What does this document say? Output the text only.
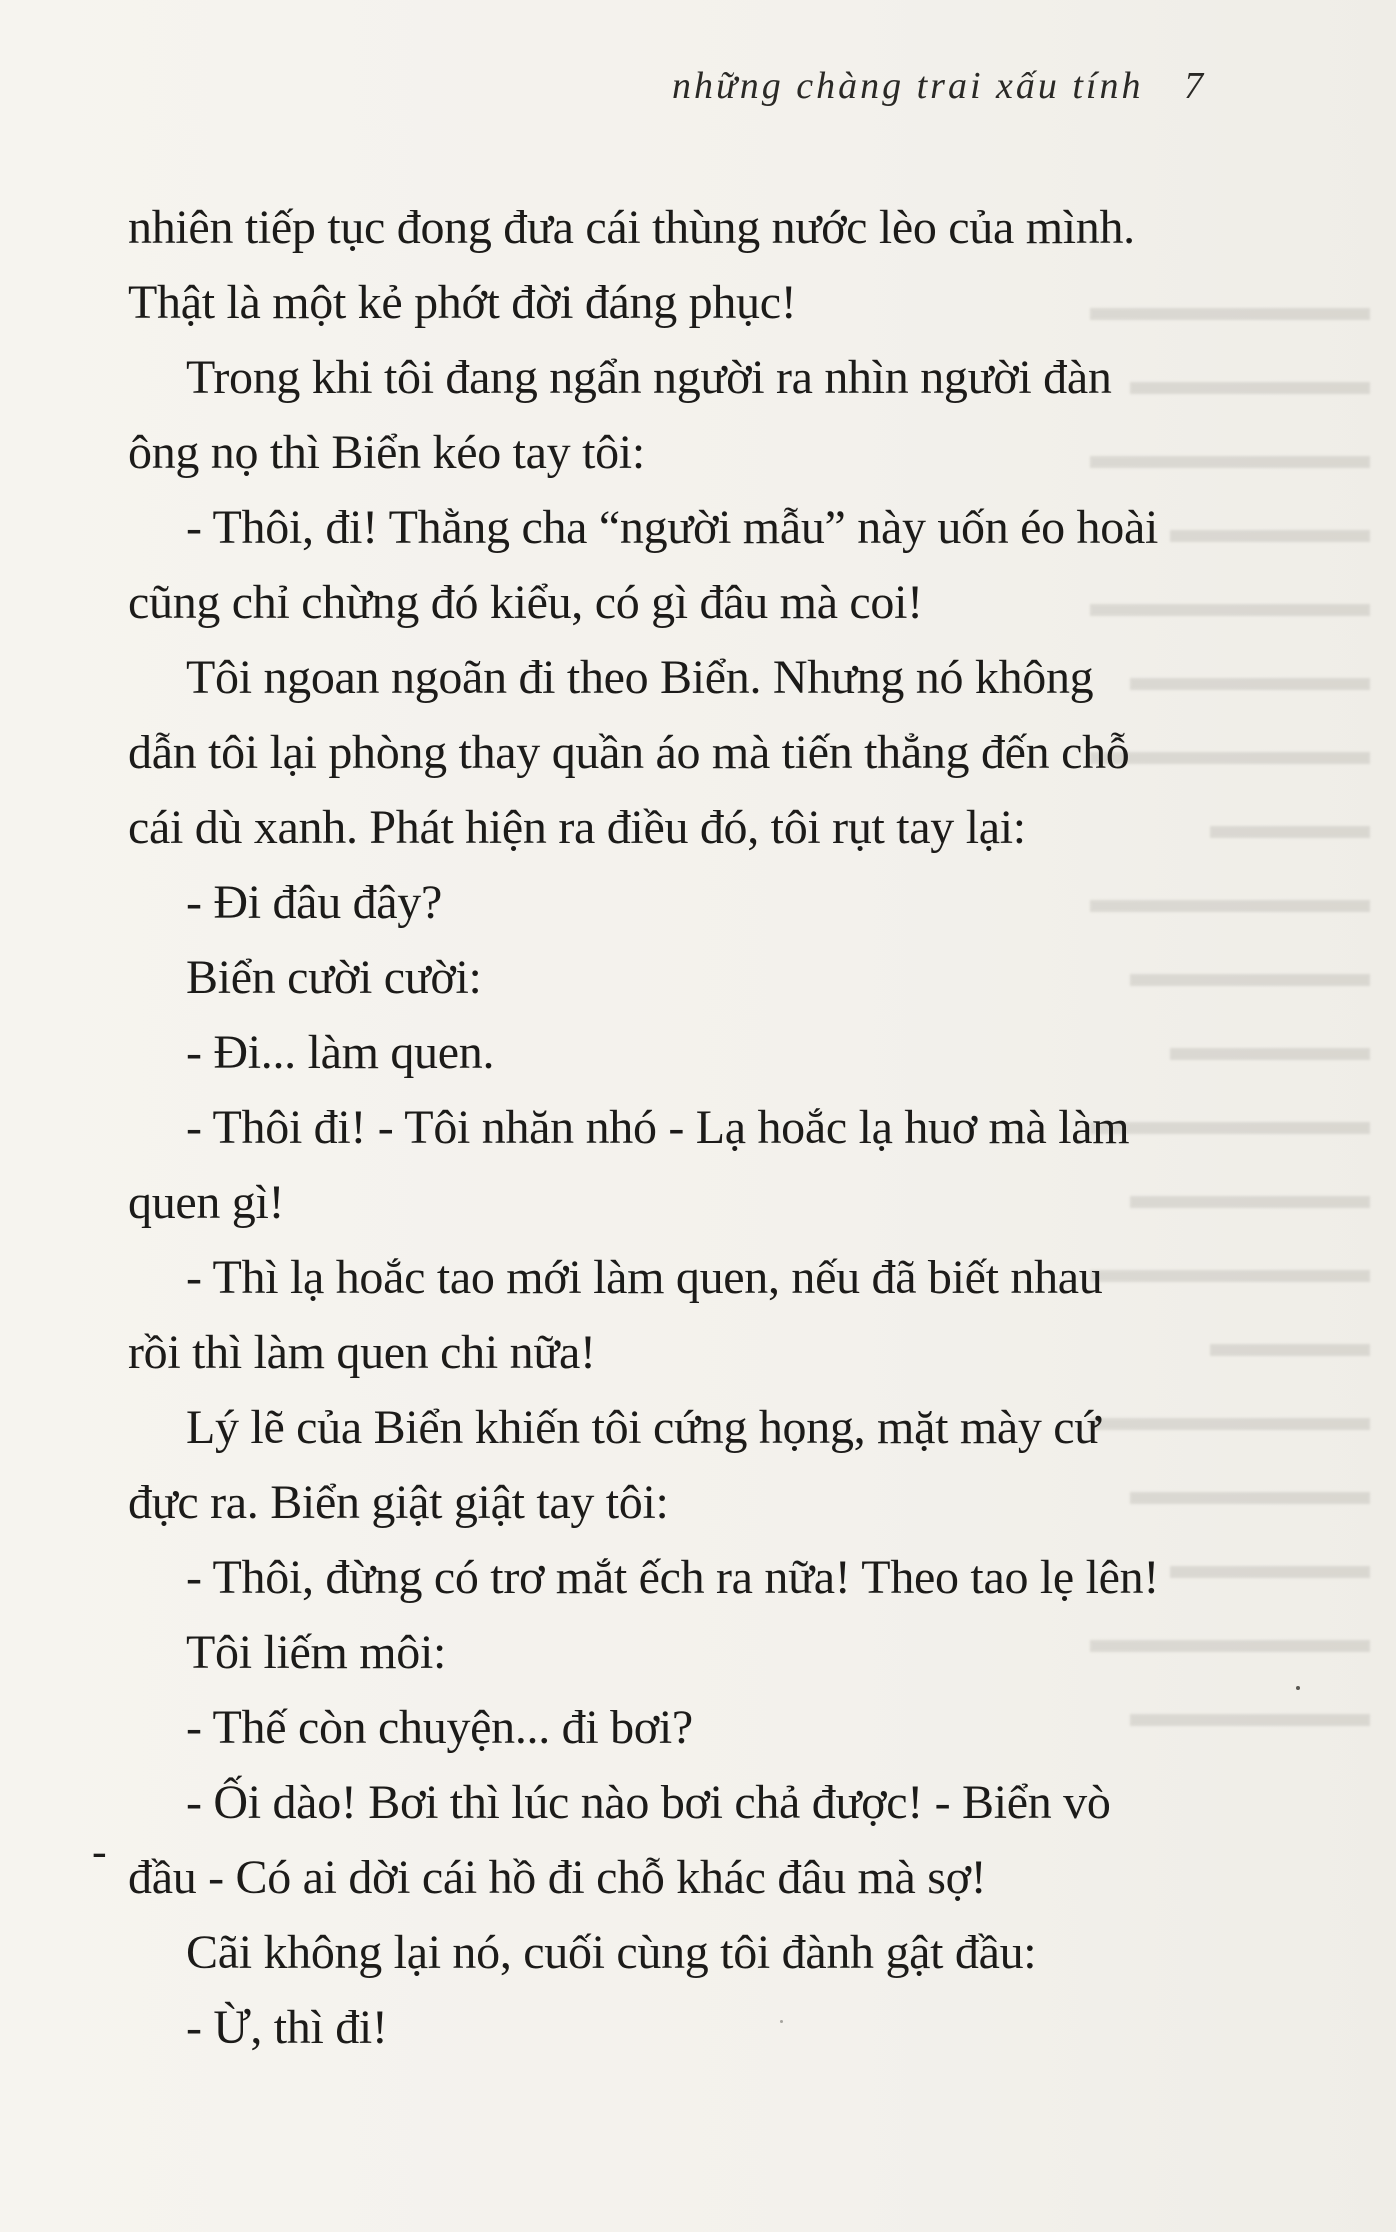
▬▬▬▬▬▬▬
▬▬▬▬▬▬
▬▬▬▬▬▬▬
▬▬▬▬▬
▬▬▬▬▬▬▬
▬▬▬▬▬▬
▬▬▬▬▬▬▬
▬▬▬▬
▬▬▬▬▬▬▬
▬▬▬▬▬▬
▬▬▬▬▬
▬▬▬▬▬▬▬
▬▬▬▬▬▬
▬▬▬▬▬▬▬
▬▬▬▬
▬▬▬▬▬▬▬
▬▬▬▬▬▬
▬▬▬▬▬
▬▬▬▬▬▬▬
▬▬▬▬▬▬
những chàng trai xấu tính 7
nhiên tiếp tục đong đưa cái thùng nước lèo của mình.
Thật là một kẻ phớt đời đáng phục!
Trong khi tôi đang ngẩn người ra nhìn người đàn
ông nọ thì Biển kéo tay tôi:
- Thôi, đi! Thằng cha “người mẫu” này uốn éo hoài
cũng chỉ chừng đó kiểu, có gì đâu mà coi!
Tôi ngoan ngoãn đi theo Biển. Nhưng nó không
dẫn tôi lại phòng thay quần áo mà tiến thẳng đến chỗ
cái dù xanh. Phát hiện ra điều đó, tôi rụt tay lại:
- Đi đâu đây?
Biển cười cười:
- Đi... làm quen.
- Thôi đi! - Tôi nhăn nhó - Lạ hoắc lạ huơ mà làm
quen gì!
- Thì lạ hoắc tao mới làm quen, nếu đã biết nhau
rồi thì làm quen chi nữa!
Lý lẽ của Biển khiến tôi cứng họng, mặt mày cứ
đực ra. Biển giật giật tay tôi:
- Thôi, đừng có trơ mắt ếch ra nữa! Theo tao lẹ lên!
Tôi liếm môi:
- Thế còn chuyện... đi bơi?
- Ối dào! Bơi thì lúc nào bơi chả được! - Biển vò
đầu - Có ai dời cái hồ đi chỗ khác đâu mà sợ!
Cãi không lại nó, cuối cùng tôi đành gật đầu:
- Ừ, thì đi!
-
